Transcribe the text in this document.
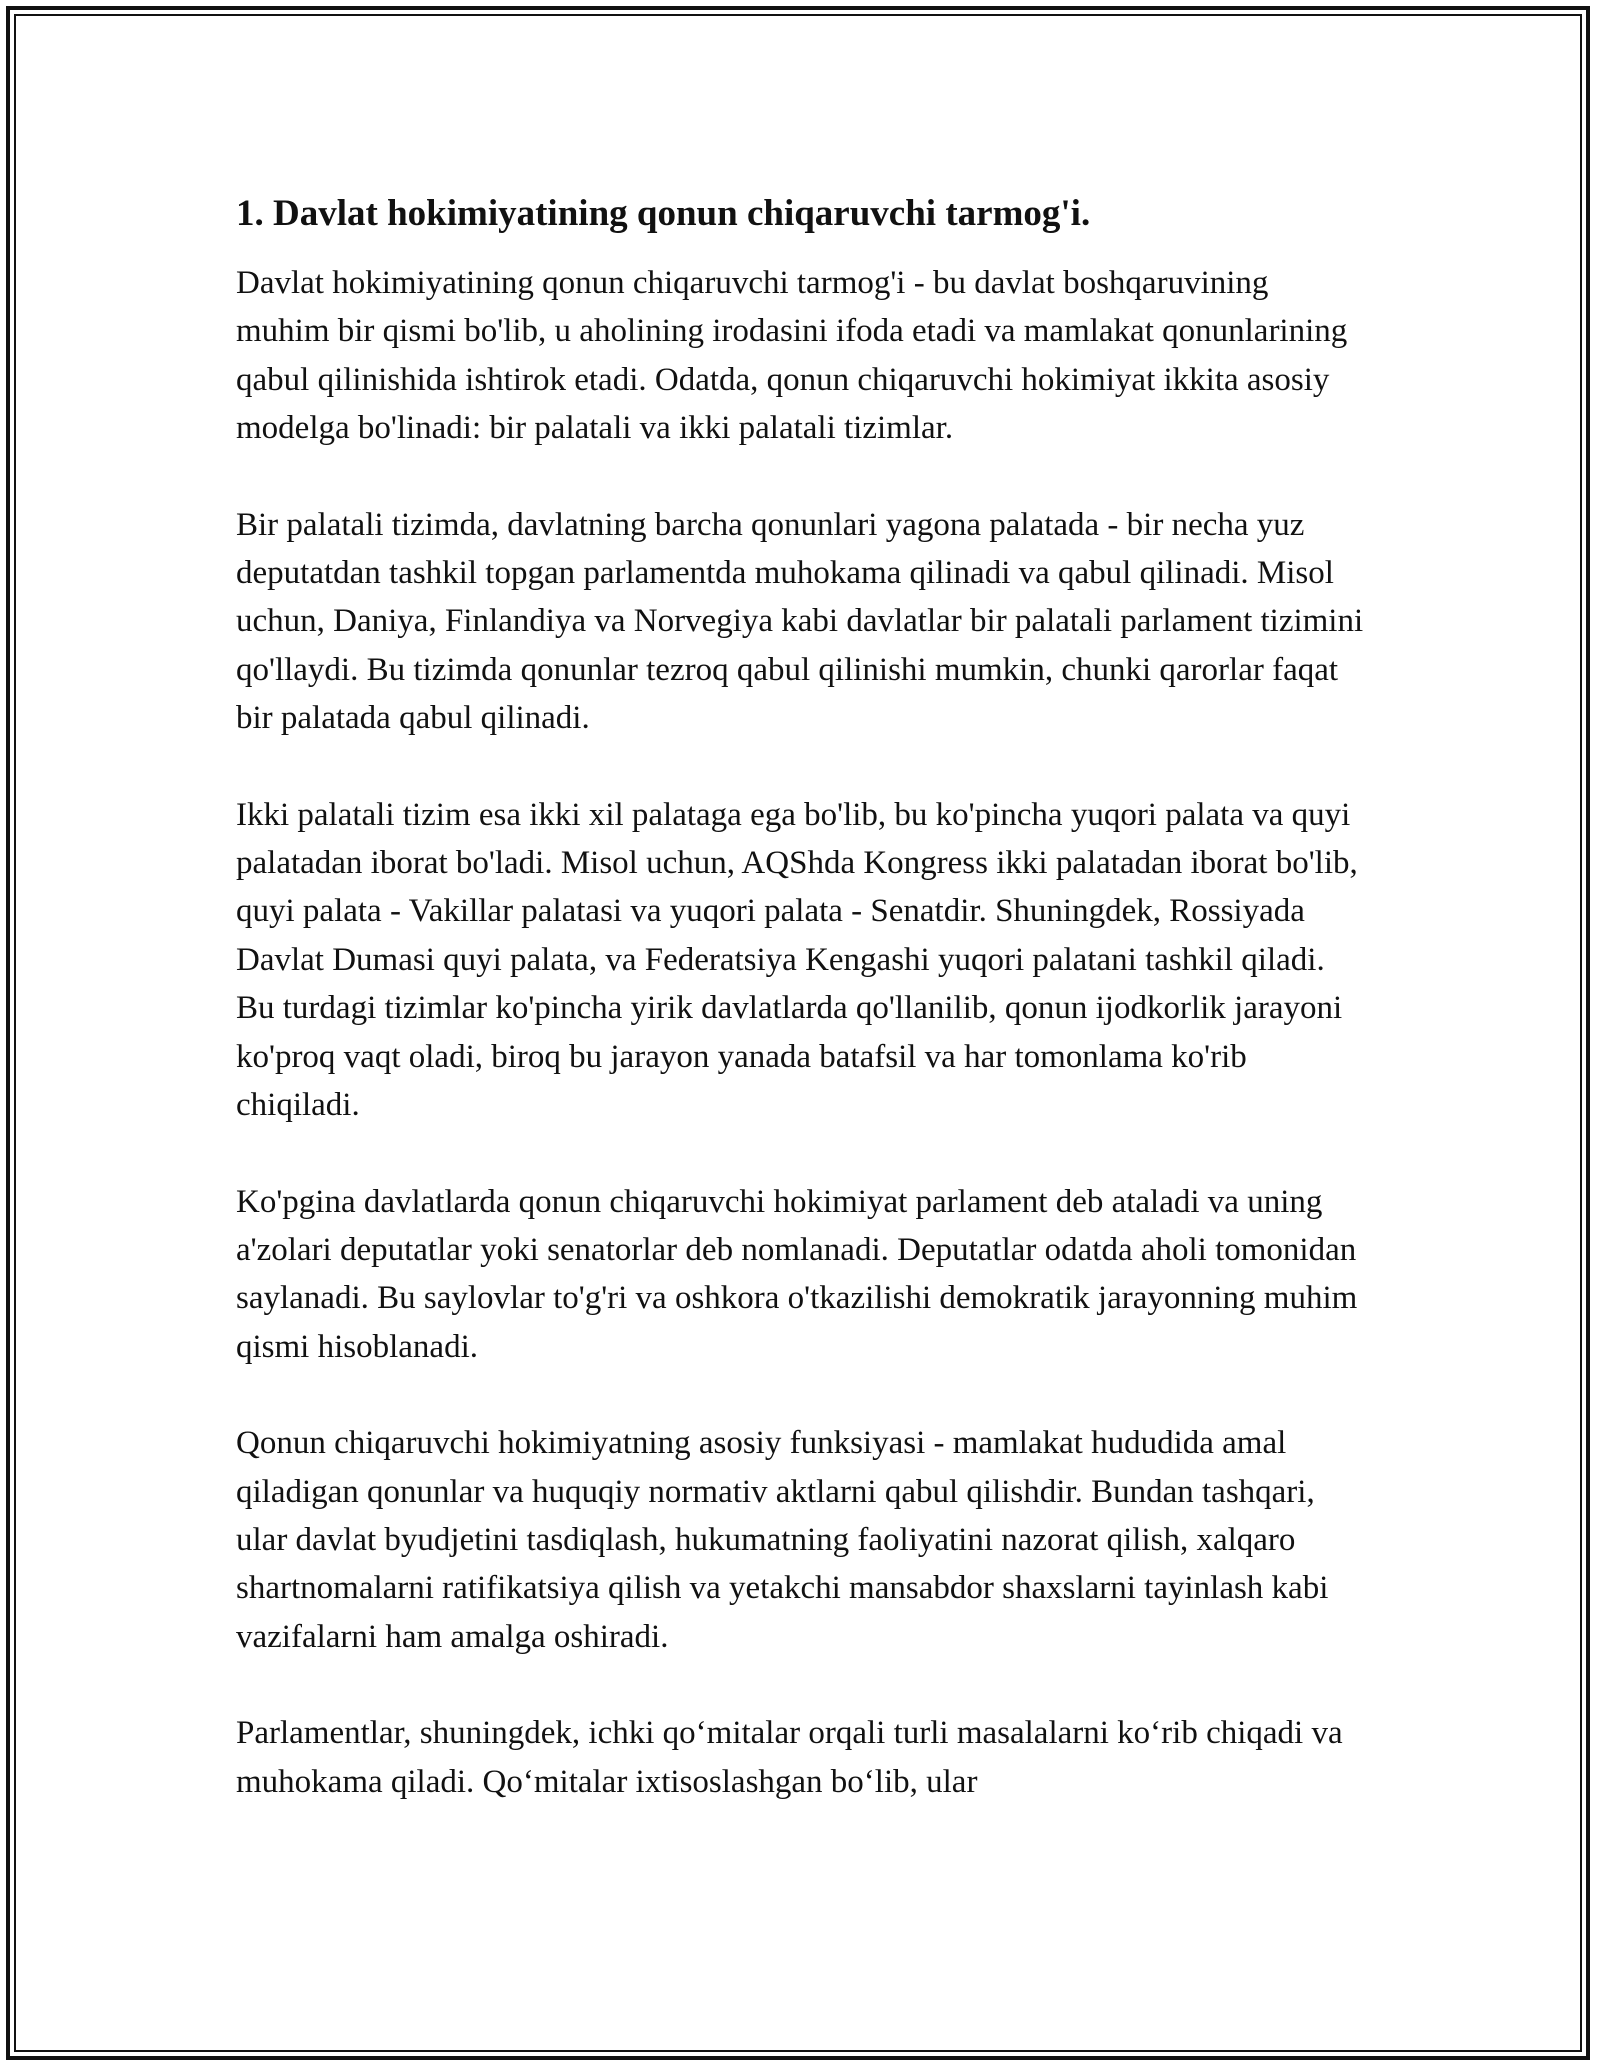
1. Davlat hokimiyatining qonun chiqaruvchi tarmog'i.

Davlat hokimiyatining qonun chiqaruvchi tarmog'i - bu davlat boshqaruvining muhim bir qismi bo'lib, u aholining irodasini ifoda etadi va mamlakat qonunlarining qabul qilinishida ishtirok etadi. Odatda, qonun chiqaruvchi hokimiyat ikkita asosiy modelga bo'linadi: bir palatali va ikki palatali tizimlar.

Bir palatali tizimda, davlatning barcha qonunlari yagona palatada - bir necha yuz deputatdan tashkil topgan parlamentda muhokama qilinadi va qabul qilinadi. Misol uchun, Daniya, Finlandiya va Norvegiya kabi davlatlar bir palatali parlament tizimini qo'llaydi. Bu tizimda qonunlar tezroq qabul qilinishi mumkin, chunki qarorlar faqat bir palatada qabul qilinadi.

Ikki palatali tizim esa ikki xil palataga ega bo'lib, bu ko'pincha yuqori palata va quyi palatadan iborat bo'ladi. Misol uchun, AQShda Kongress ikki palatadan iborat bo'lib, quyi palata - Vakillar palatasi va yuqori palata - Senatdir. Shuningdek, Rossiyada Davlat Dumasi quyi palata, va Federatsiya Kengashi yuqori palatani tashkil qiladi. Bu turdagi tizimlar ko'pincha yirik davlatlarda qo'llanilib, qonun ijodkorlik jarayoni ko'proq vaqt oladi, biroq bu jarayon yanada batafsil va har tomonlama ko'rib chiqiladi.

Ko'pgina davlatlarda qonun chiqaruvchi hokimiyat parlament deb ataladi va uning a'zolari deputatlar yoki senatorlar deb nomlanadi. Deputatlar odatda aholi tomonidan saylanadi. Bu saylovlar to'g'ri va oshkora o'tkazilishi demokratik jarayonning muhim qismi hisoblanadi.

Qonun chiqaruvchi hokimiyatning asosiy funksiyasi - mamlakat hududida amal qiladigan qonunlar va huquqiy normativ aktlarni qabul qilishdir. Bundan tashqari, ular davlat byudjetini tasdiqlash, hukumatning faoliyatini nazorat qilish, xalqaro shartnomalarni ratifikatsiya qilish va yetakchi mansabdor shaxslarni tayinlash kabi vazifalarni ham amalga oshiradi.

Parlamentlar, shuningdek, ichki qo‘mitalar orqali turli masalalarni ko‘rib chiqadi va muhokama qiladi. Qo‘mitalar ixtisoslashgan bo‘lib, ular
